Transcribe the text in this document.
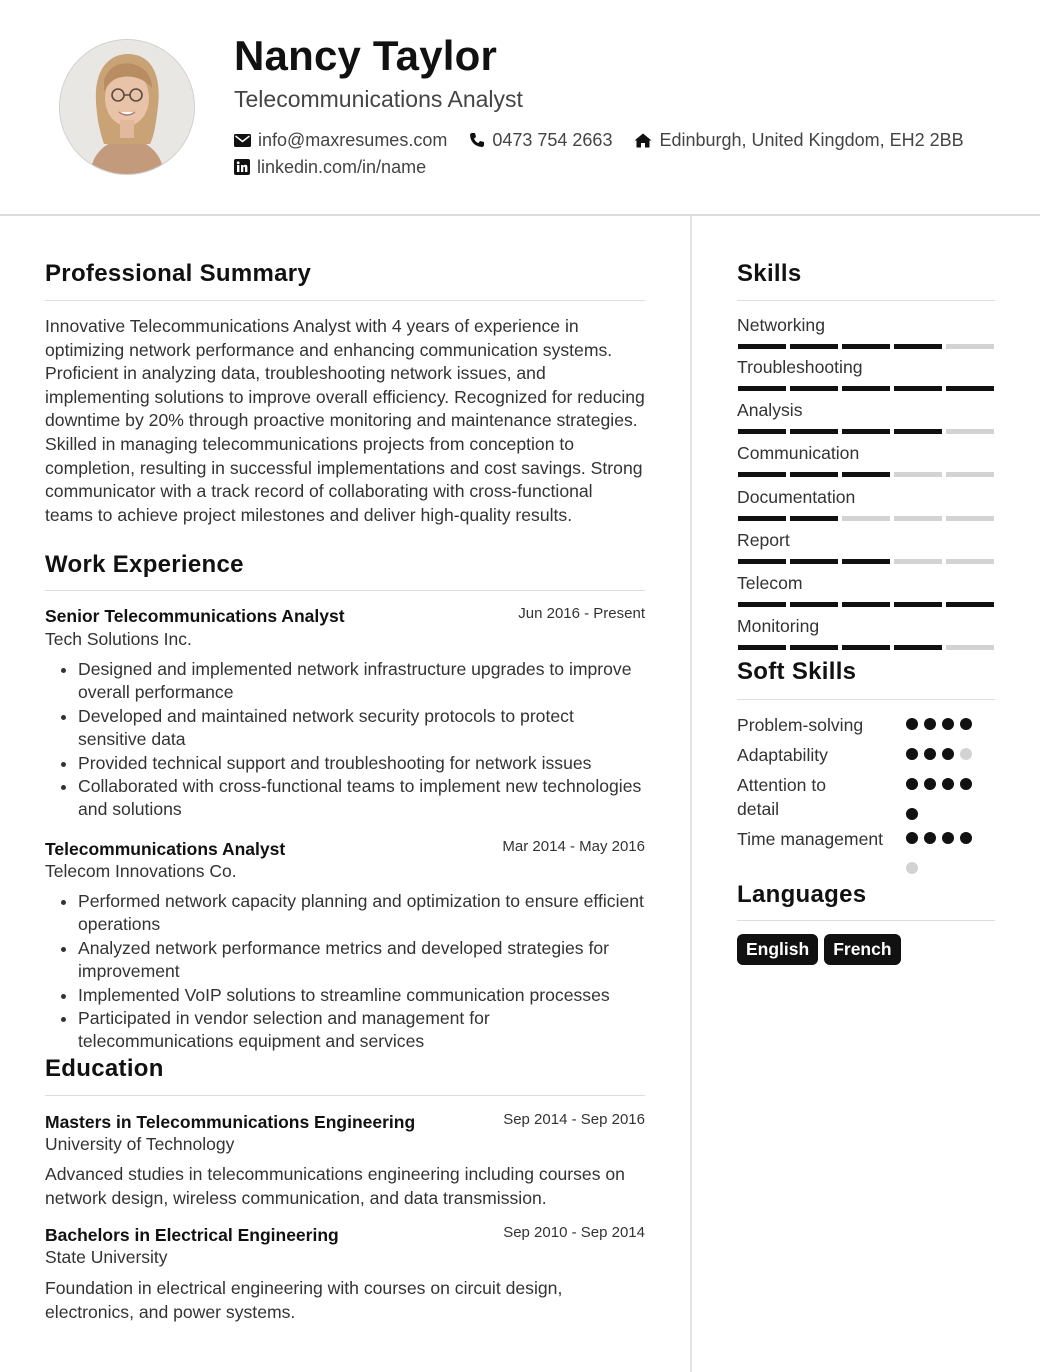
Nancy Taylor
Telecommunications Analyst
info@maxresumes.com	0473 754 2663	Edinburgh, United Kingdom, EH2 2BB
linkedin.com/in/name
Professional Summary
Innovative Telecommunications Analyst with 4 years of experience in optimizing network performance and enhancing communication systems. Proficient in analyzing data, troubleshooting network issues, and implementing solutions to improve overall efficiency. Recognized for reducing downtime by 20% through proactive monitoring and maintenance strategies. Skilled in managing telecommunications projects from conception to completion, resulting in successful implementations and cost savings. Strong communicator with a track record of collaborating with cross-functional teams to achieve project milestones and deliver high-quality results.
Work Experience
Senior Telecommunications Analyst	Jun 2016 - Present
Tech Solutions Inc.
• Designed and implemented network infrastructure upgrades to improve overall performance
• Developed and maintained network security protocols to protect sensitive data
• Provided technical support and troubleshooting for network issues
• Collaborated with cross-functional teams to implement new technologies and solutions
Telecommunications Analyst	Mar 2014 - May 2016
Telecom Innovations Co.
• Performed network capacity planning and optimization to ensure efficient operations
• Analyzed network performance metrics and developed strategies for improvement
• Implemented VoIP solutions to streamline communication processes
• Participated in vendor selection and management for telecommunications equipment and services
Education
Masters in Telecommunications Engineering	Sep 2014 - Sep 2016
University of Technology
Advanced studies in telecommunications engineering including courses on network design, wireless communication, and data transmission.
Bachelors in Electrical Engineering	Sep 2010 - Sep 2014
State University
Foundation in electrical engineering with courses on circuit design, electronics, and power systems.
Skills
Networking
Troubleshooting
Analysis
Communication
Documentation
Report
Telecom
Monitoring
Soft Skills
Problem-solving
Adaptability
Attention to detail
Time management
Languages
English	French
